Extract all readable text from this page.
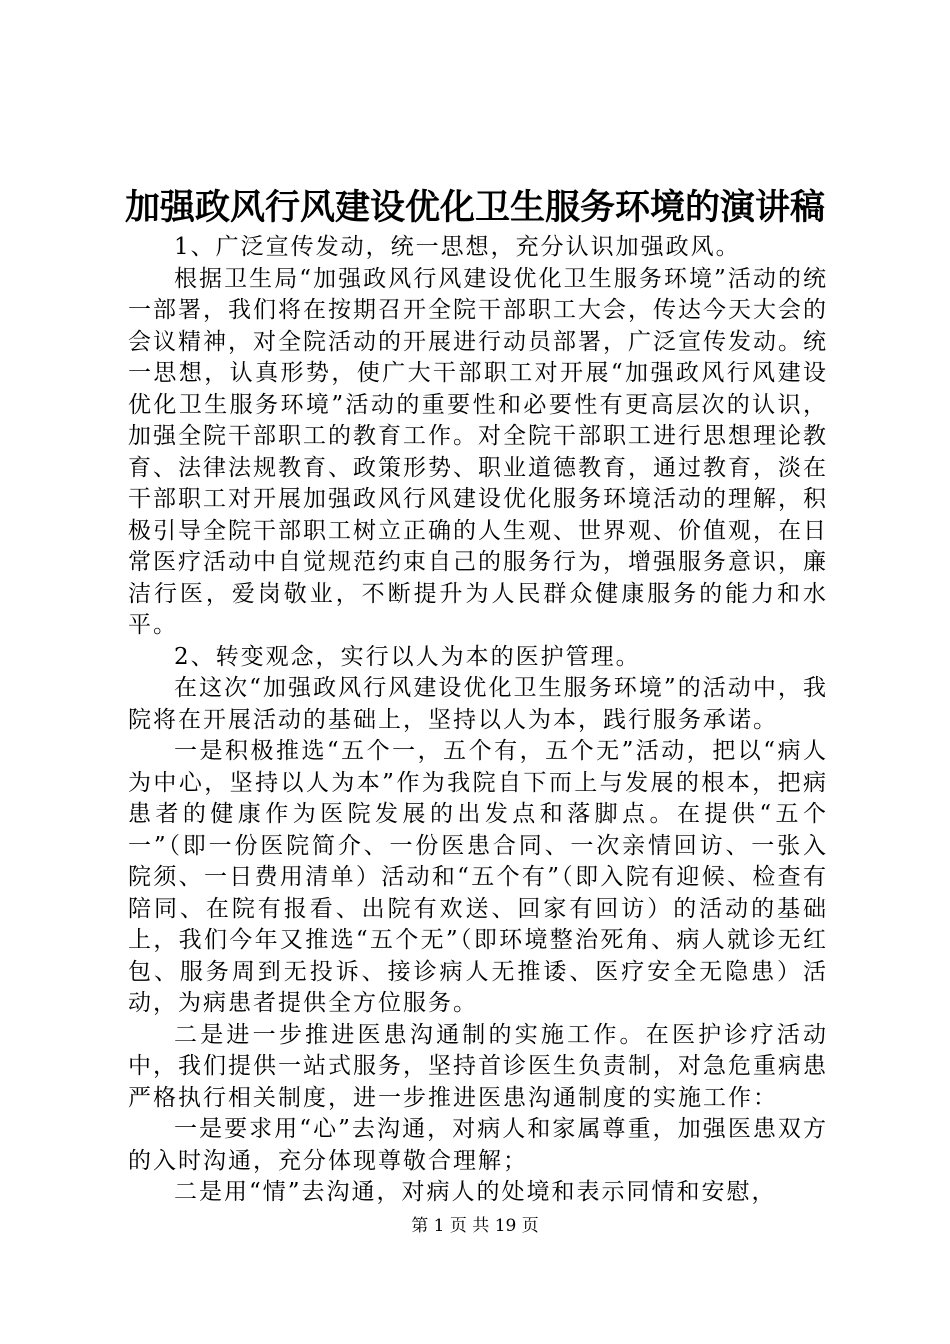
加强政风行风建设优化卫生服务环境的演讲稿

1、广泛宣传发动，统一思想，充分认识加强政风。

根据卫生局“加强政风行风建设优化卫生服务环境”活动的统一部署，我们将在按期召开全院干部职工大会，传达今天大会的会议精神，对全院活动的开展进行动员部署，广泛宣传发动。统一思想，认真形势，使广大干部职工对开展“加强政风行风建设优化卫生服务环境”活动的重要性和必要性有更高层次的认识，加强全院干部职工的教育工作。对全院干部职工进行思想理论教育、法律法规教育、政策形势、职业道德教育，通过教育，淡在干部职工对开展加强政风行风建设优化服务环境活动的理解，积极引导全院干部职工树立正确的人生观、世界观、价值观，在日常医疗活动中自觉规范约束自己的服务行为，增强服务意识，廉洁行医，爱岗敬业，不断提升为人民群众健康服务的能力和水平。

2、转变观念，实行以人为本的医护管理。

在这次“加强政风行风建设优化卫生服务环境”的活动中，我院将在开展活动的基础上，坚持以人为本，践行服务承诺。

一是积极推选“五个一，五个有，五个无”活动，把以“病人为中心，坚持以人为本”作为我院自下而上与发展的根本，把病患者的健康作为医院发展的出发点和落脚点。在提供“五个一”（即一份医院简介、一份医患合同、一次亲情回访、一张入院须、一日费用清单）活动和“五个有”（即入院有迎候、检查有陪同、在院有报看、出院有欢送、回家有回访）的活动的基础上，我们今年又推选“五个无”（即环境整治死角、病人就诊无红包、服务周到无投诉、接诊病人无推诿、医疗安全无隐患）活动，为病患者提供全方位服务。

二是进一步推进医患沟通制的实施工作。在医护诊疗活动中，我们提供一站式服务，坚持首诊医生负责制，对急危重病患严格执行相关制度，进一步推进医患沟通制度的实施工作：

一是要求用“心”去沟通，对病人和家属尊重，加强医患双方的入时沟通，充分体现尊敬合理解；

二是用“情”去沟通，对病人的处境和表示同情和安慰，

第 1 页 共 19 页
